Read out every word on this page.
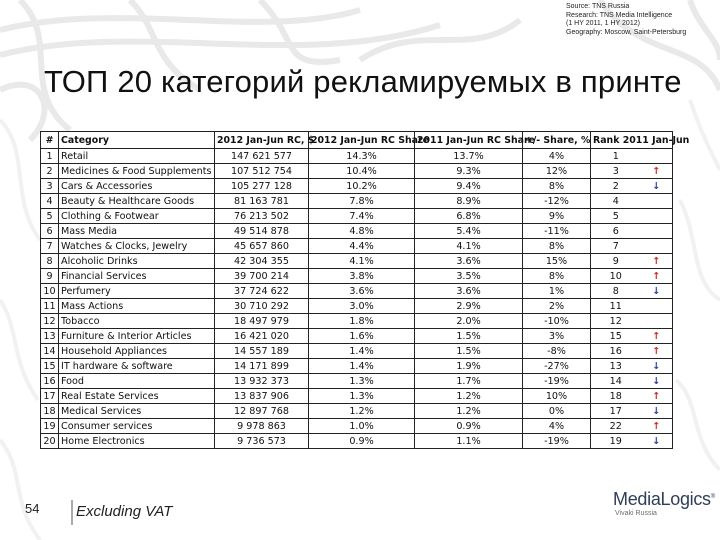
Source: TNS Russia
Research: TNS Media Intelligence
(1 HY 2011, 1 HY 2012)
Geography: Moscow, Saint-Petersburg
ТОП 20 категорий рекламируемых в принте
#	Category	2012 Jan-Jun RC, $	2012 Jan-Jun RC Share	2011 Jan-Jun RC Share	+/- Share, %	Rank 2011 Jan-Jun	
1	Retail	147 621 577	14.3%	13.7%	4%	1	
2	Medicines & Food Supplements	107 512 754	10.4%	9.3%	12%	3	↑
3	Cars & Accessories	105 277 128	10.2%	9.4%	8%	2	↓
4	Beauty & Healthcare Goods	81 163 781	7.8%	8.9%	-12%	4	
5	Clothing & Footwear	76 213 502	7.4%	6.8%	9%	5	
6	Mass Media	49 514 878	4.8%	5.4%	-11%	6	
7	Watches & Clocks, Jewelry	45 657 860	4.4%	4.1%	8%	7	
8	Alcoholic Drinks	42 304 355	4.1%	3.6%	15%	9	↑
9	Financial Services	39 700 214	3.8%	3.5%	8%	10	↑
10	Perfumery	37 724 622	3.6%	3.6%	1%	8	↓
11	Mass Actions	30 710 292	3.0%	2.9%	2%	11	
12	Tobacco	18 497 979	1.8%	2.0%	-10%	12	
13	Furniture & Interior Articles	16 421 020	1.6%	1.5%	3%	15	↑
14	Household Appliances	14 557 189	1.4%	1.5%	-8%	16	↑
15	IT hardware & software	14 171 899	1.4%	1.9%	-27%	13	↓
16	Food	13 932 373	1.3%	1.7%	-19%	14	↓
17	Real Estate Services	13 837 906	1.3%	1.2%	10%	18	↑
18	Medical Services	12 897 768	1.2%	1.2%	0%	17	↓
19	Consumer services	9 978 863	1.0%	0.9%	4%	22	↑
20	Home Electronics	9 736 573	0.9%	1.1%	-19%	19	↓
54 Excluding VAT
MediaLogics®
Vivaki Russia
